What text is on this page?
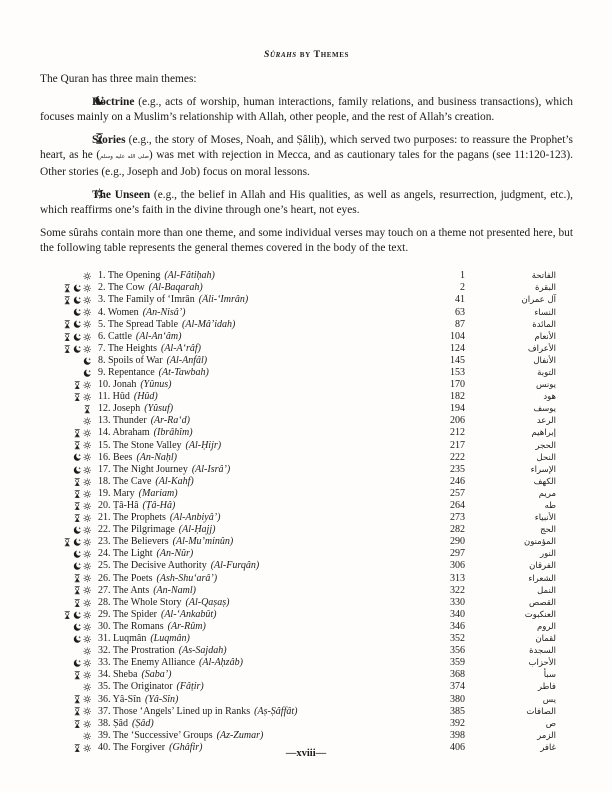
Sûrahs by Themes

The Quran has three main themes:

Doctrine (e.g., acts of worship, human interactions, family relations, and business transactions), which focuses mainly on a Muslim’s relationship with Allah, other people, and the rest of Allah’s creation.

Stories (e.g., the story of Moses, Noah, and Ṣâliḥ), which served two purposes: to reassure the Prophet’s heart, as he (صلى الله عليه وسلم) was met with rejection in Mecca, and as cautionary tales for the pagans (see 11:120-123). Other stories (e.g., Joseph and Job) focus on moral lessons.

The Unseen (e.g., the belief in Allah and His qualities, as well as angels, resurrection, judgment, etc.), which reaffirms one’s faith in the divine through one’s heart, not eyes.

Some sûrahs contain more than one theme, and some individual verses may touch on a theme not presented here, but the following table represents the general themes covered in the body of the text.

1. The Opening (Al-Fâtiḥah)	1	الفاتحة
2. The Cow (Al-Baqarah)	2	البقرة
3. The Family of ‘Imrân (Âli-‘Imrân)	41	آل عمران
4. Women (An-Nisâ’)	63	النساء
5. The Spread Table (Al-Mâ’idah)	87	المائدة
6. Cattle (Al-An‘âm)	104	الأنعام
7. The Heights (Al-A‘râf)	124	الأعراف
8. Spoils of War (Al-Anfâl)	145	الأنفال
9. Repentance (At-Tawbah)	153	التوبة
10. Jonah (Yûnus)	170	يونس
11. Hûd (Hûd)	182	هود
12. Joseph (Yûsuf)	194	يوسف
13. Thunder (Ar-Ra‘d)	206	الرعد
14. Abraham (Ibrâhîm)	212	إبراهيم
15. The Stone Valley (Al-Ḥijr)	217	الحجر
16. Bees (An-Naḥl)	222	النحل
17. The Night Journey (Al-Isrâ’)	235	الإسراء
18. The Cave (Al-Kahf)	246	الكهف
19. Mary (Mariam)	257	مريم
20. Ṭâ-Hâ (Ṭâ-Hâ)	264	طه
21. The Prophets (Al-Anbiyâ’)	273	الأنبياء
22. The Pilgrimage (Al-Ḥajj)	282	الحج
23. The Believers (Al-Mu’minûn)	290	المؤمنون
24. The Light (An-Nûr)	297	النور
25. The Decisive Authority (Al-Furqân)	306	الفرقان
26. The Poets (Ash-Shu‘arâ’)	313	الشعراء
27. The Ants (An-Naml)	322	النمل
28. The Whole Story (Al-Qaṣaṣ)	330	القصص
29. The Spider (Al-‘Ankabût)	340	العنكبوت
30. The Romans (Ar-Rûm)	346	الروم
31. Luqmân (Luqmân)	352	لقمان
32. The Prostration (As-Sajdah)	356	السجدة
33. The Enemy Alliance (Al-Aḥzâb)	359	الأحزاب
34. Sheba (Saba’)	368	سبأ
35. The Originator (Fâṭir)	374	فاطر
36. Yâ-Sîn (Yâ-Sîn)	380	يس
37. Those ‘Angels’ Lined up in Ranks (Aṣ-Ṣâffât)	385	الصافات
38. Ṣâd (Ṣâd)	392	ص
39. The ‘Successive’ Groups (Az-Zumar)	398	الزمر
40. The Forgiver (Ghâfir)	406	غافر
—xviii—
